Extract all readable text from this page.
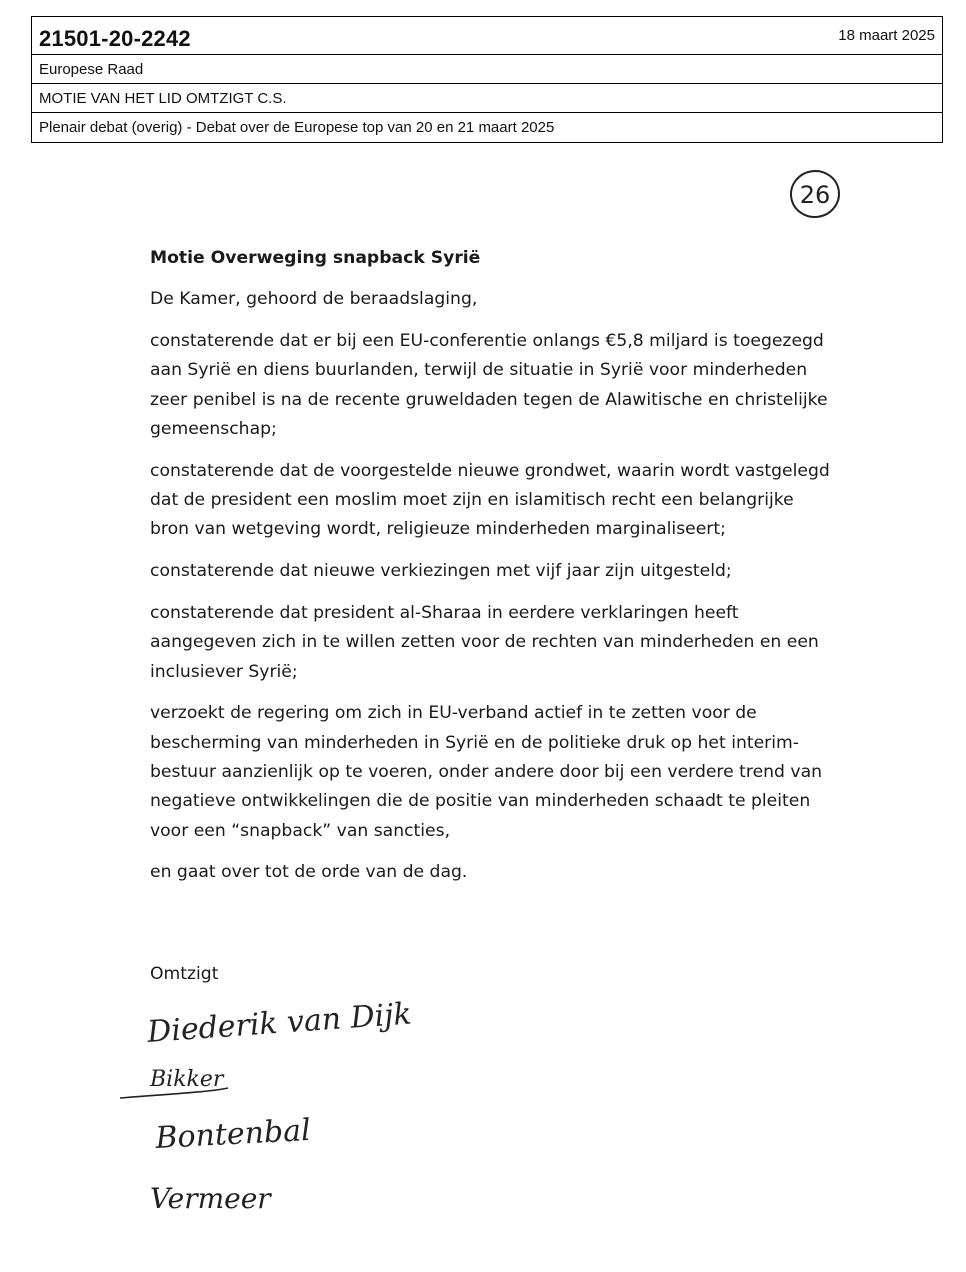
21501-20-2242	18 maart 2025
Europese Raad
MOTIE VAN HET LID OMTZIGT C.S.
Plenair debat (overig) - Debat over de Europese top van 20 en 21 maart 2025
26

Motie Overweging snapback Syrië

De Kamer, gehoord de beraadslaging,

constaterende dat er bij een EU-conferentie onlangs €5,8 miljard is toegezegd aan Syrië en diens buurlanden, terwijl de situatie in Syrië voor minderheden zeer penibel is na de recente gruweldaden tegen de Alawitische en christelijke gemeenschap;

constaterende dat de voorgestelde nieuwe grondwet, waarin wordt vastgelegd dat de president een moslim moet zijn en islamitisch recht een belangrijke bron van wetgeving wordt, religieuze minderheden marginaliseert;

constaterende dat nieuwe verkiezingen met vijf jaar zijn uitgesteld;

constaterende dat president al-Sharaa in eerdere verklaringen heeft aangegeven zich in te willen zetten voor de rechten van minderheden en een inclusiever Syrië;

verzoekt de regering om zich in EU-verband actief in te zetten voor de bescherming van minderheden in Syrië en de politieke druk op het interim-bestuur aanzienlijk op te voeren, onder andere door bij een verdere trend van negatieve ontwikkelingen die de positie van minderheden schaadt te pleiten voor een “snapback” van sancties,

en gaat over tot de orde van de dag.

Omtzigt
Diederik van Dijk
Bikker
Bontenbal
Vermeer
